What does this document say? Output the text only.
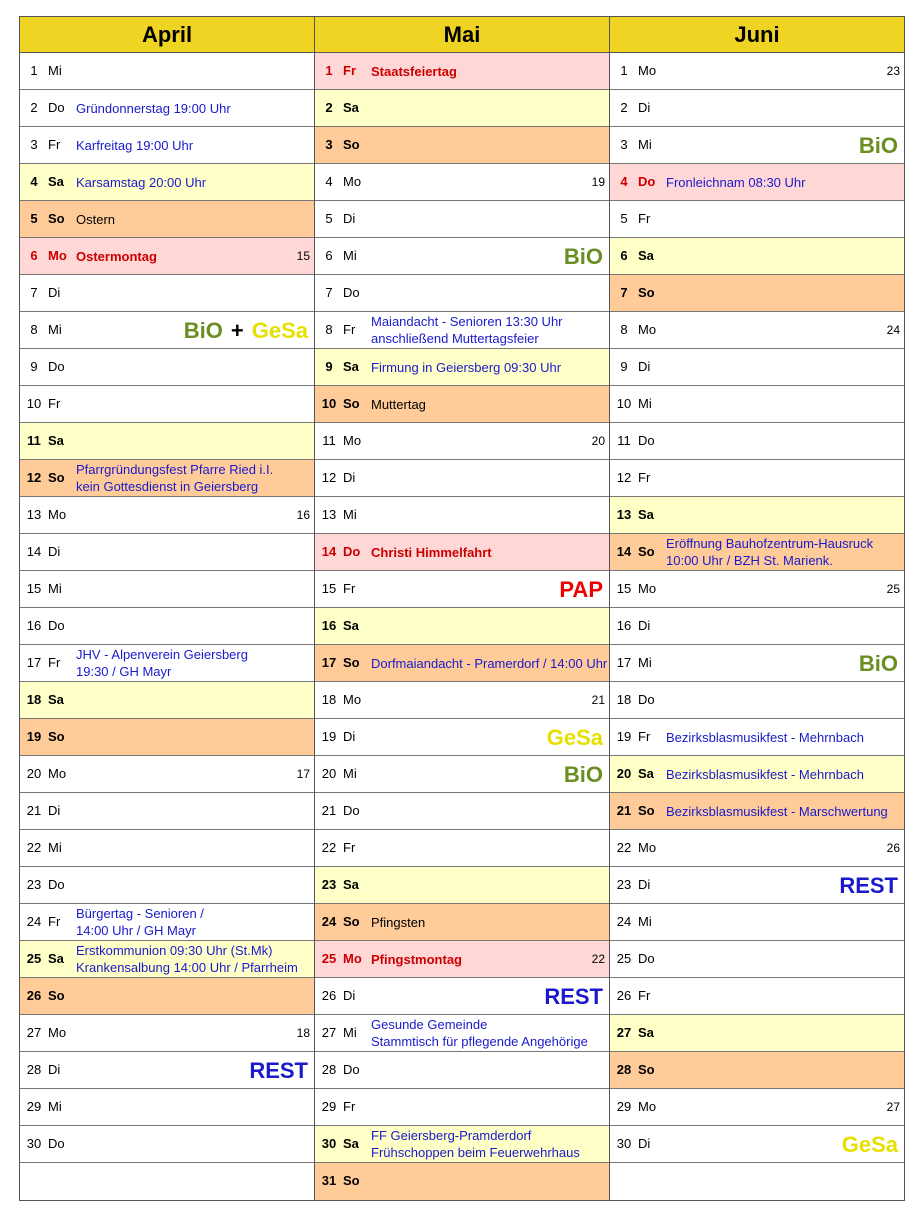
April
1 Mi
2 Do Gründonnerstag 19:00 Uhr
3 Fr Karfreitag 19:00 Uhr
4 Sa Karsamstag 20:00 Uhr
5 So Ostern
6 Mo Ostermontag	15
7 Di
8 Mi	BiO + GeSa
9 Do
10 Fr
11 Sa
12 So
Pfarrgründungsfest Pfarre Ried i.I.
kein Gottesdienst in Geiersberg
13 Mo	16
14 Di
15 Mi
16 Do
17 Fr
JHV - Alpenverein Geiersberg
19:30 / GH Mayr
18 Sa
19 So
20 Mo	17
21 Di
22 Mi
23 Do
24 Fr
Bürgertag - Senioren /
14:00 Uhr / GH Mayr
25 Sa
Erstkommunion 09:30 Uhr (St.Mk)
Krankensalbung 14:00 Uhr / Pfarrheim
26 So
27 Mo	18
28 Di	REST
29 Mi
30 Do
Mai
1 Fr Staatsfeiertag
2 Sa
3 So
4 Mo	19
5 Di
6 Mi	BiO
7 Do
8 Fr
Maiandacht - Senioren 13:30 Uhr
anschließend Muttertagsfeier
9 Sa Firmung in Geiersberg 09:30 Uhr
10 So Muttertag
11 Mo	20
12 Di
13 Mi
14 Do Christi Himmelfahrt
15 Fr	PAP
16 Sa
17 So Dorfmaiandacht - Pramerdorf / 14:00 Uhr
18 Mo	21
19 Di	GeSa
20 Mi	BiO
21 Do
22 Fr
23 Sa
24 So Pfingsten
25 Mo Pfingstmontag	22
26 Di	REST
27 Mi
Gesunde Gemeinde
Stammtisch für pflegende Angehörige
28 Do
29 Fr
30 Sa
FF Geiersberg-Pramderdorf
Frühschoppen beim Feuerwehrhaus
31 So
Juni
1 Mo	23
2 Di
3 Mi	BiO
4 Do Fronleichnam 08:30 Uhr
5 Fr
6 Sa
7 So
8 Mo	24
9 Di
10 Mi
11 Do
12 Fr
13 Sa
14 So
Eröffnung Bauhofzentrum-Hausruck
10:00 Uhr / BZH St. Marienk.
15 Mo	25
16 Di
17 Mi	BiO
18 Do
19 Fr Bezirksblasmusikfest - Mehrnbach
20 Sa Bezirksblasmusikfest - Mehrnbach
21 So Bezirksblasmusikfest - Marschwertung
22 Mo	26
23 Di	REST
24 Mi
25 Do
26 Fr
27 Sa
28 So
29 Mo	27
30 Di	GeSa
